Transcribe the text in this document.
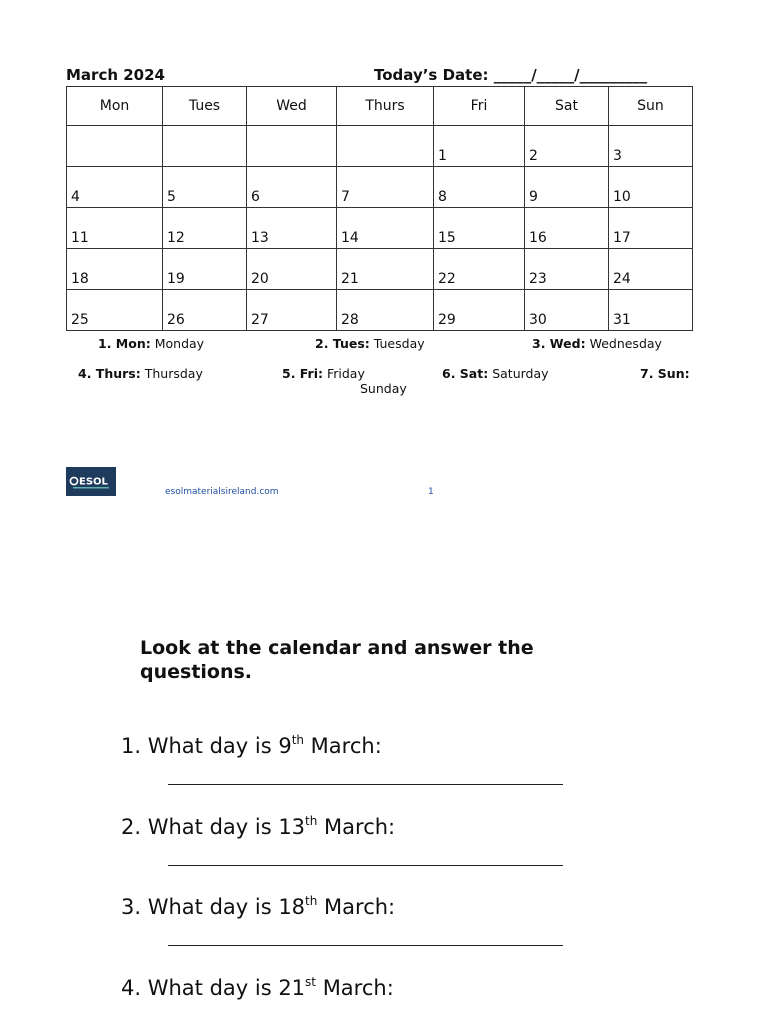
March 2024	Today’s Date: _____/_____/_________
Mon	Tues	Wed	Thurs	Fri	Sat	Sun
				1	2	3
4	5	6	7	8	9	10
11	12	13	14	15	16	17
18	19	20	21	22	23	24
25	26	27	28	29	30	31
1. Mon: Monday	2. Tues: Tuesday	3. Wed: Wednesday
4. Thurs: Thursday	5. Fri: Friday	6. Sat: Saturday	7. Sun:
Sunday
ESOL
esolmaterialsireland.com	1
Look at the calendar and answer the questions.
1. What day is 9th March:
2. What day is 13th March:
3. What day is 18th March:
4. What day is 21st March:
